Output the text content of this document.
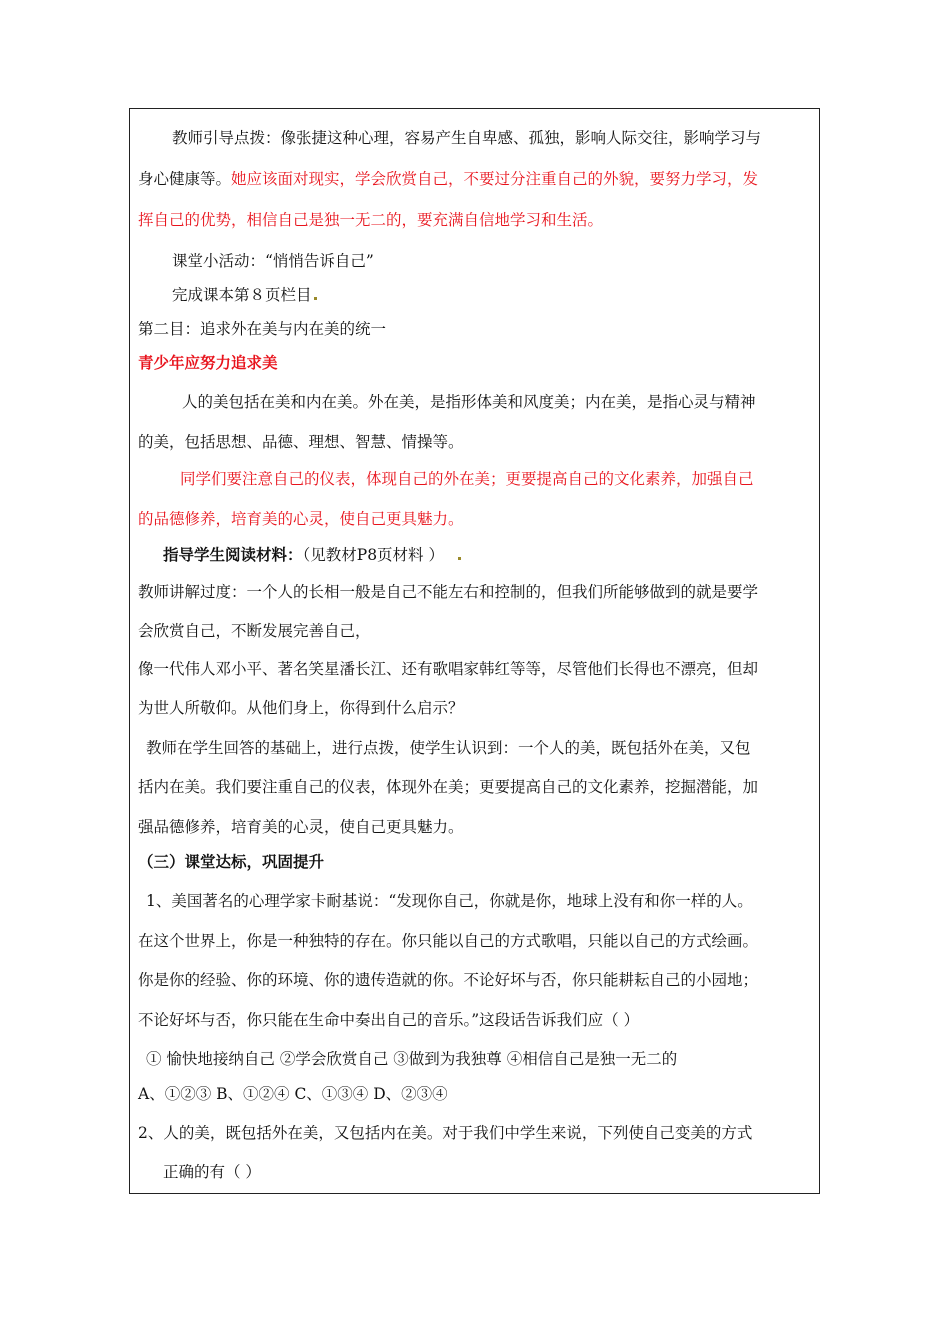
教师引导点拨：像张捷这种心理，容易产生自卑感、孤独，影响人际交往，影响学习与
身心健康等。她应该面对现实，学会欣赏自己，不要过分注重自己的外貌，要努力学习，发
挥自己的优势，相信自己是独一无二的，要充满自信地学习和生活。
课堂小活动：“悄悄告诉自己”
完成课本第８页栏目
第二目：追求外在美与内在美的统一
青少年应努力追求美
人的美包括在美和内在美。外在美，是指形体美和风度美；内在美，是指心灵与精神
的美，包括思想、品德、理想、智慧、情操等。
同学们要注意自己的仪表，体现自己的外在美；更要提高自己的文化素养，加强自己
的品德修养，培育美的心灵，使自己更具魅力。
指导学生阅读材料：（见教材P8页材料 ）
教师讲解过度：一个人的长相一般是自己不能左右和控制的，但我们所能够做到的就是要学
会欣赏自己，不断发展完善自己，
像一代伟人邓小平、著名笑星潘长江、还有歌唱家韩红等等，尽管他们长得也不漂亮，但却
为世人所敬仰。从他们身上，你得到什么启示？
教师在学生回答的基础上，进行点拨，使学生认识到：一个人的美，既包括外在美，又包
括内在美。我们要注重自己的仪表，体现外在美；更要提高自己的文化素养，挖掘潜能，加
强品德修养，培育美的心灵，使自己更具魅力。
（三）课堂达标，巩固提升
1、美国著名的心理学家卡耐基说：“发现你自己，你就是你，地球上没有和你一样的人。
在这个世界上，你是一种独特的存在。你只能以自己的方式歌唱，只能以自己的方式绘画。
你是你的经验、你的环境、你的遗传造就的你。不论好坏与否，你只能耕耘自己的小园地；
不论好坏与否，你只能在生命中奏出自己的音乐。”这段话告诉我们应（ ）
① 愉快地接纳自己 ②学会欣赏自己 ③做到为我独尊 ④相信自己是独一无二的
A、①②③ B、①②④ C、①③④ D、②③④
2、人的美，既包括外在美，又包括内在美。对于我们中学生来说，下列使自己变美的方式
正确的有（ ）
